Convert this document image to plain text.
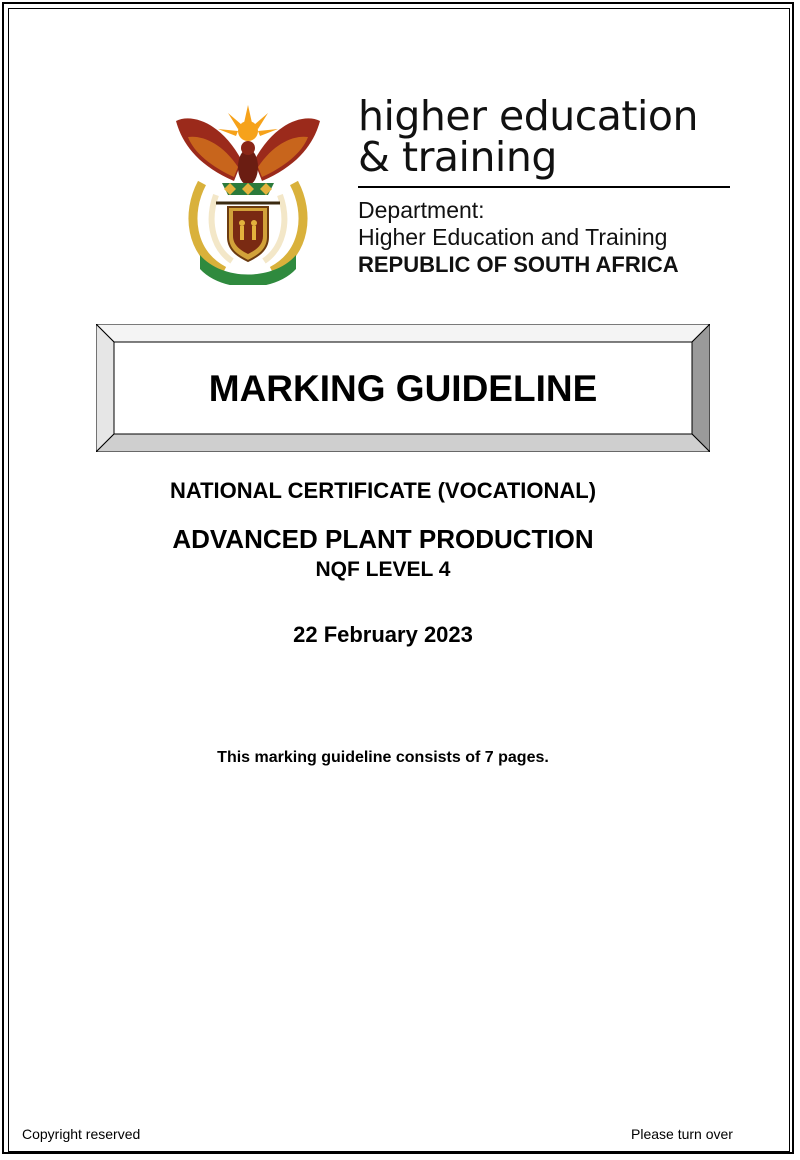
higher education
& training
Department:
Higher Education and Training
REPUBLIC OF SOUTH AFRICA
MARKING GUIDELINE
NATIONAL CERTIFICATE (VOCATIONAL)
ADVANCED PLANT PRODUCTION
NQF LEVEL 4
22 February 2023
This marking guideline consists of 7 pages.
Copyright reserved	Please turn over
